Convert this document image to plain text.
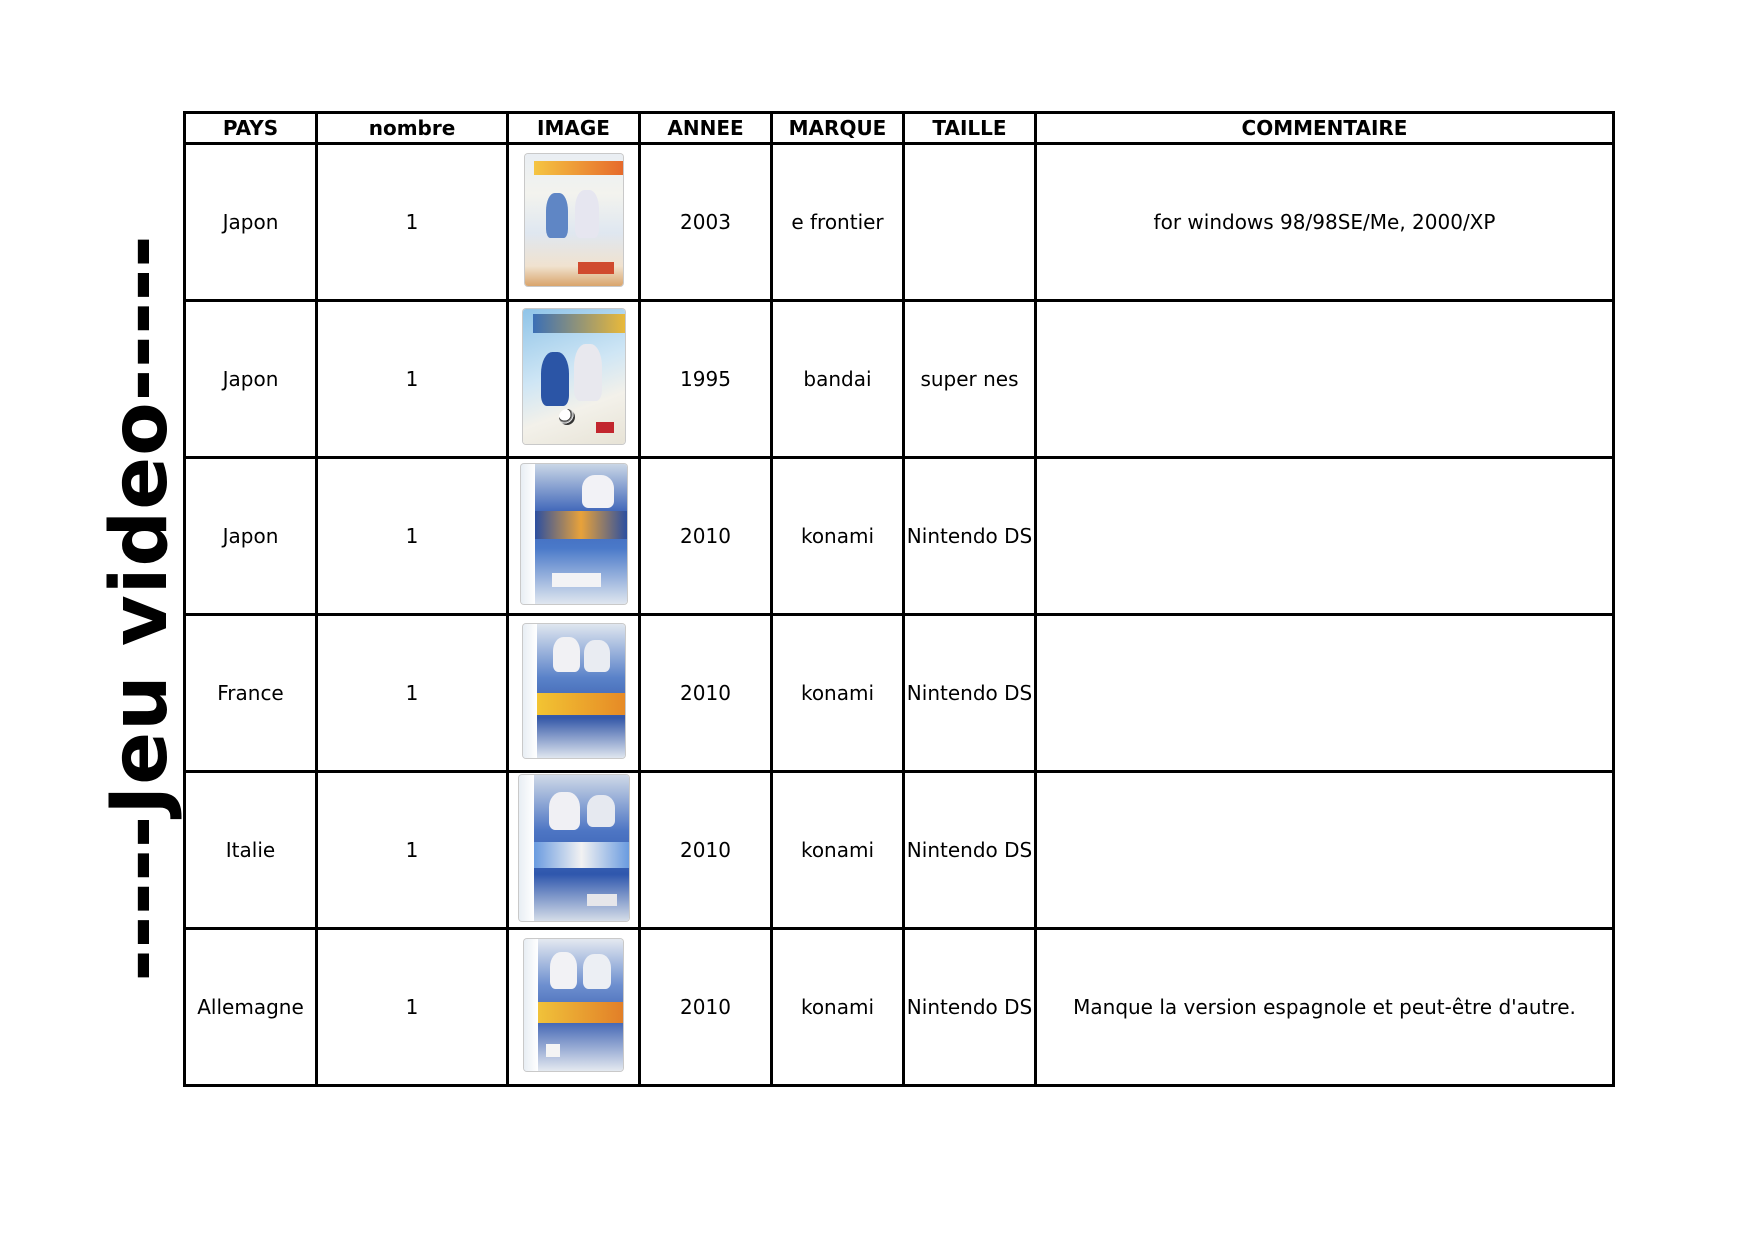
-----Jeu video-----
PAYS	nombre	IMAGE	ANNEE	MARQUE	TAILLE	COMMENTAIRE
Japon	1		2003	e frontier		for windows 98/98SE/Me, 2000/XP
Japon	1		1995	bandai	super nes	
Japon	1		2010	konami	Nintendo DS	
France	1		2010	konami	Nintendo DS	
Italie	1		2010	konami	Nintendo DS	
Allemagne	1		2010	konami	Nintendo DS	Manque la version espagnole et peut-être d'autre.
